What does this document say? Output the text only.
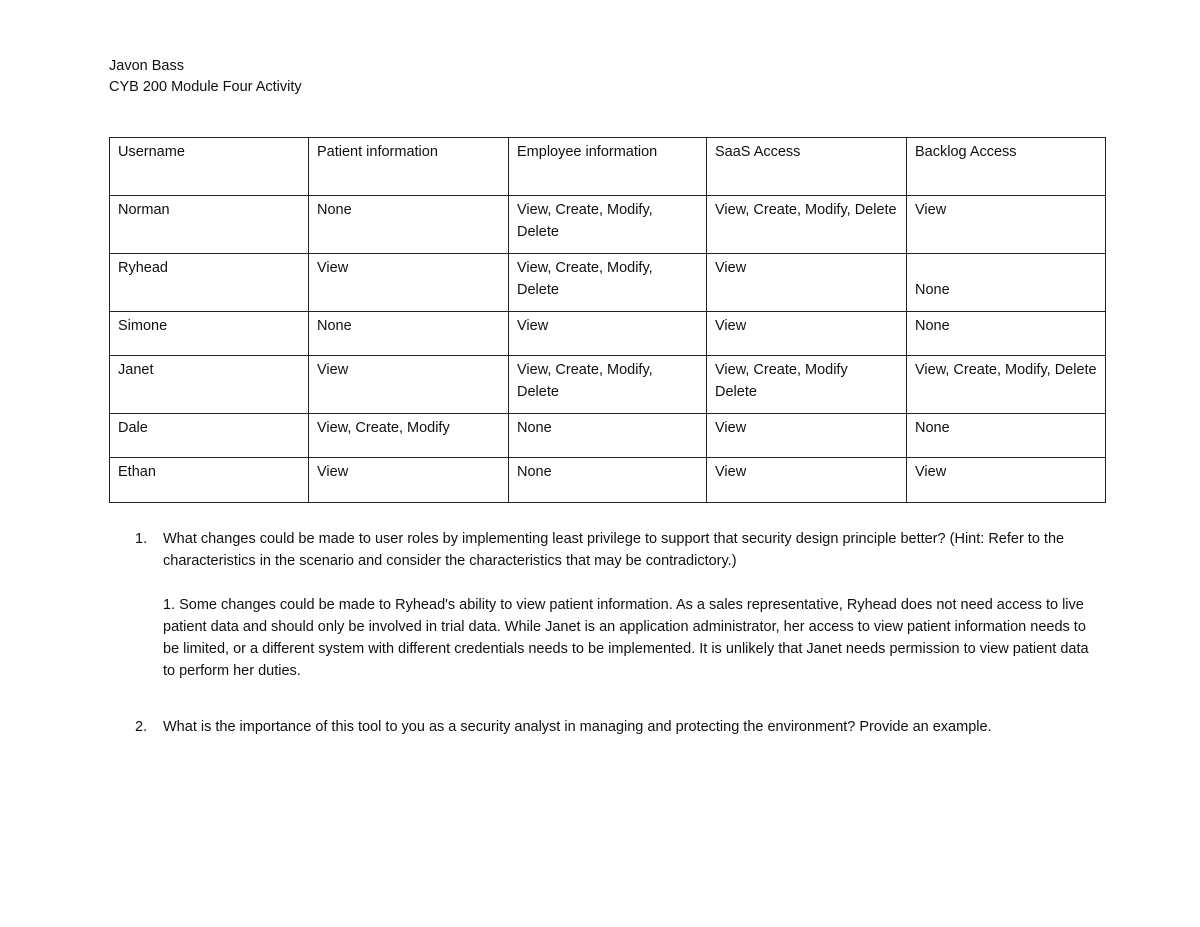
Javon Bass
CYB 200 Module Four Activity
Username	Patient information	Employee information	SaaS Access	Backlog Access
Norman	None	View, Create, Modify, Delete	View, Create, Modify, Delete	View
Ryhead	View	View, Create, Modify, Delete	View	None

Simone	None	View	View	None
Janet	View	View, Create, Modify, Delete	View, Create, Modify Delete	View, Create, Modify, Delete
Dale	View, Create, Modify	None	View	None
Ethan	View	None	View	View
1.	What changes could be made to user roles by implementing least privilege to support that security design principle better? (Hint: Refer to the characteristics in the scenario and consider the characteristics that may be contradictory.)
1. Some changes could be made to Ryhead's ability to view patient information. As a sales representative, Ryhead does not need access to live patient data and should only be involved in trial data. While Janet is an application administrator, her access to view patient information needs to be limited, or a different system with different credentials needs to be implemented. It is unlikely that Janet needs permission to view patient data to perform her duties.
2.	What is the importance of this tool to you as a security analyst in managing and protecting the environment? Provide an example.
